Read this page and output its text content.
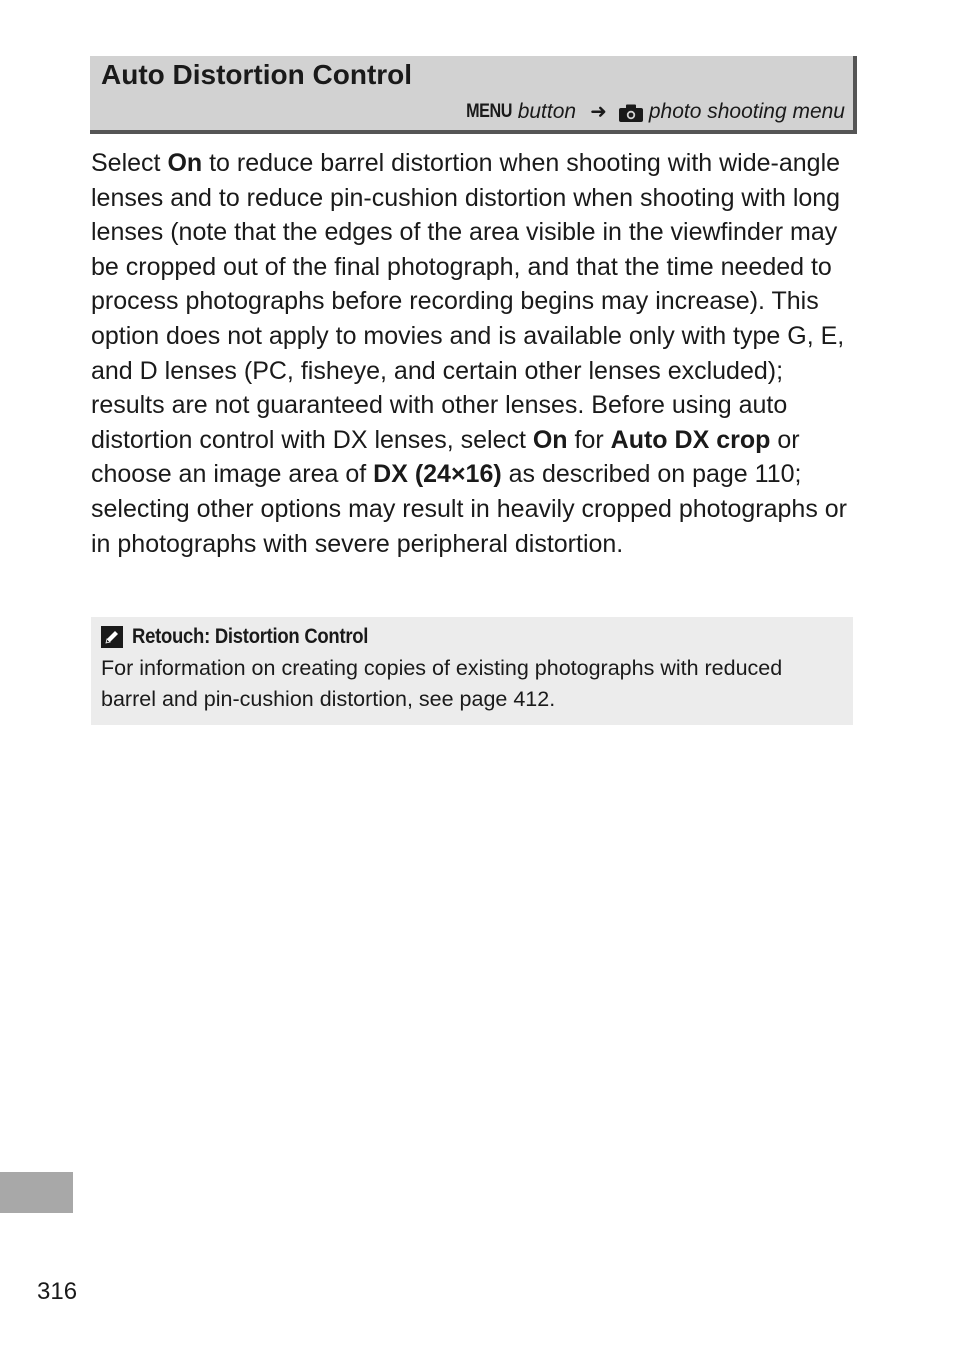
Auto Distortion Control
MENU button ➜ photo shooting menu

Select On to reduce barrel distortion when shooting with wide-angle lenses and to reduce pin-cushion distortion when shooting with long lenses (note that the edges of the area visible in the viewfinder may be cropped out of the final photograph, and that the time needed to process photographs before recording begins may increase). This option does not apply to movies and is available only with type G, E, and D lenses (PC, fisheye, and certain other lenses excluded); results are not guaranteed with other lenses. Before using auto distortion control with DX lenses, select On for Auto DX crop or choose an image area of DX (24×16) as described on page 110; selecting other options may result in heavily cropped photographs or in photographs with severe peripheral distortion.

Retouch: Distortion Control

For information on creating copies of existing photographs with reduced barrel and pin-cushion distortion, see page 412.

316
